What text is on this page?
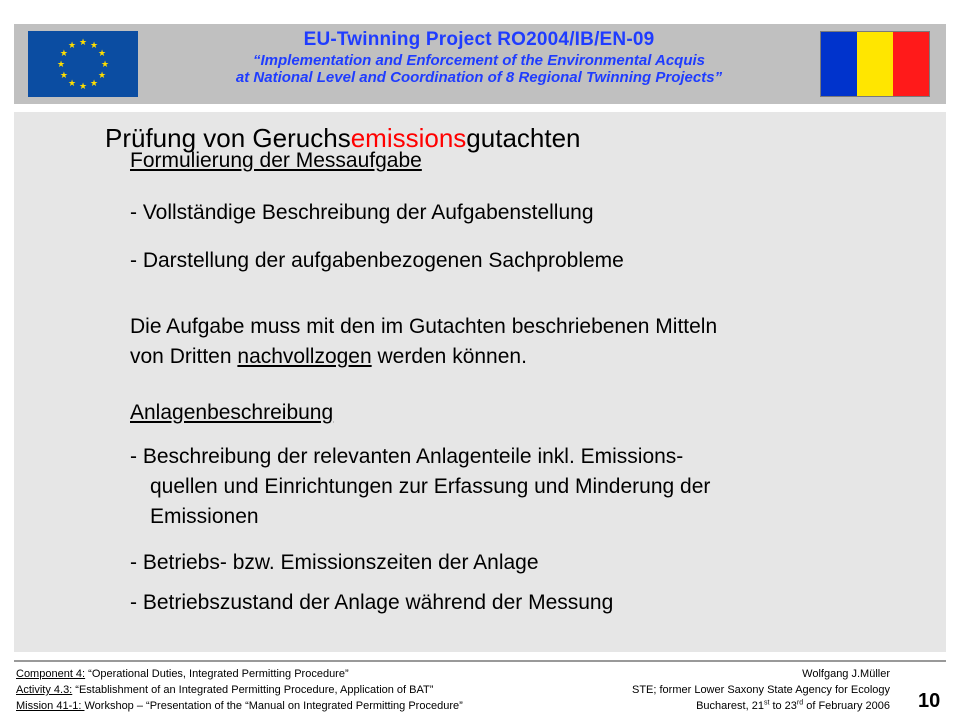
★ ★
★
★
★
★
★
★
★
★
★
★	EU-Twinning Project RO2004/IB/EN-09
“Implementation and Enforcement of the Environmental Acquis
at National Level and Coordination of 8 Regional Twinning Projects”
Prüfung von Geruchsemissionsgutachten
Formulierung der Messaufgabe
- Vollständige Beschreibung der Aufgabenstellung
- Darstellung der aufgabenbezogenen Sachprobleme
Die Aufgabe muss mit den im Gutachten beschriebenen Mitteln
von Dritten nachvollzogen werden können.
Anlagenbeschreibung
- Beschreibung der relevanten Anlagenteile inkl. Emissions-
quellen und Einrichtungen zur Erfassung und Minderung der
Emissionen
- Betriebs- bzw. Emissionszeiten der Anlage
- Betriebszustand der Anlage während der Messung
Component 4: “Operational Duties, Integrated Permitting Procedure”
Activity 4.3: “Establishment of an Integrated Permitting Procedure, Application of BAT”
Mission 41-1: Workshop – “Presentation of the “Manual on Integrated Permitting Procedure”
Wolfgang J.Müller
STE; former Lower Saxony State Agency for Ecology
Bucharest, 21st to 23rd of February 2006 10
